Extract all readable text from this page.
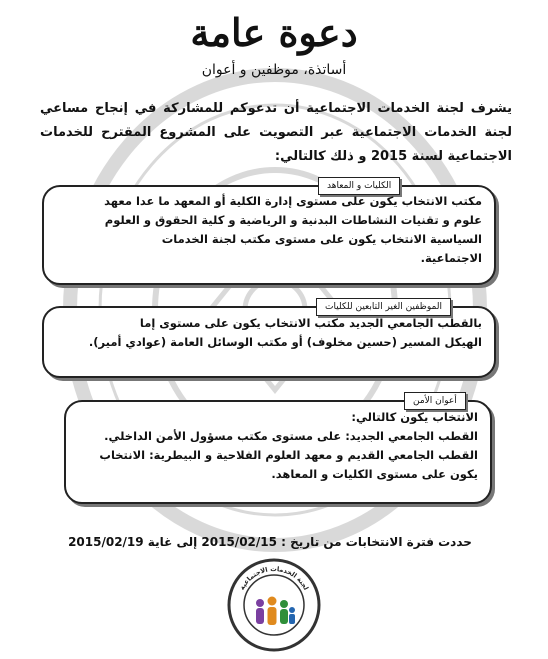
دعوة عامة
أساتذة، موظفين و أعوان
يشرف لجنة الخدمات الاجتماعية أن تدعوكم للمشاركة في إنجاح مساعي لجنة الخدمات الاجتماعية عبر التصويت على المشروع المقترح للخدمات الاجتماعية لسنة 2015 و ذلك كالتالي:
الكليات و المعاهد
مكتب الانتخاب يكون على مستوى إدارة الكلية أو المعهد ما عدا معهد
علوم و تقنيات النشاطات البدنية و الرياضية و كلية الحقوق و العلوم
السياسية الانتخاب يكون على مستوى مكتب لجنة الخدمات
الاجتماعية.
الموظفين الغير التابعين للكليات
بالقطب الجامعي الجديد مكتب الانتخاب يكون على مستوى إما
الهيكل المسير (حسين مخلوف) أو مكتب الوسائل العامة (عوادي أمير).
أعوان الأمن
الانتخاب يكون كالتالي:
القطب الجامعي الجديد: على مستوى مكتب مسؤول الأمن الداخلي.
القطب الجامعي القديم و معهد العلوم الفلاحية و البيطرية: الانتخاب
يكون على مستوى الكليات و المعاهد.
حددت فترة الانتخابات من تاريخ : 2015/02/15 إلى غاية 2015/02/19
لجنة الخدمات الاجتماعية
